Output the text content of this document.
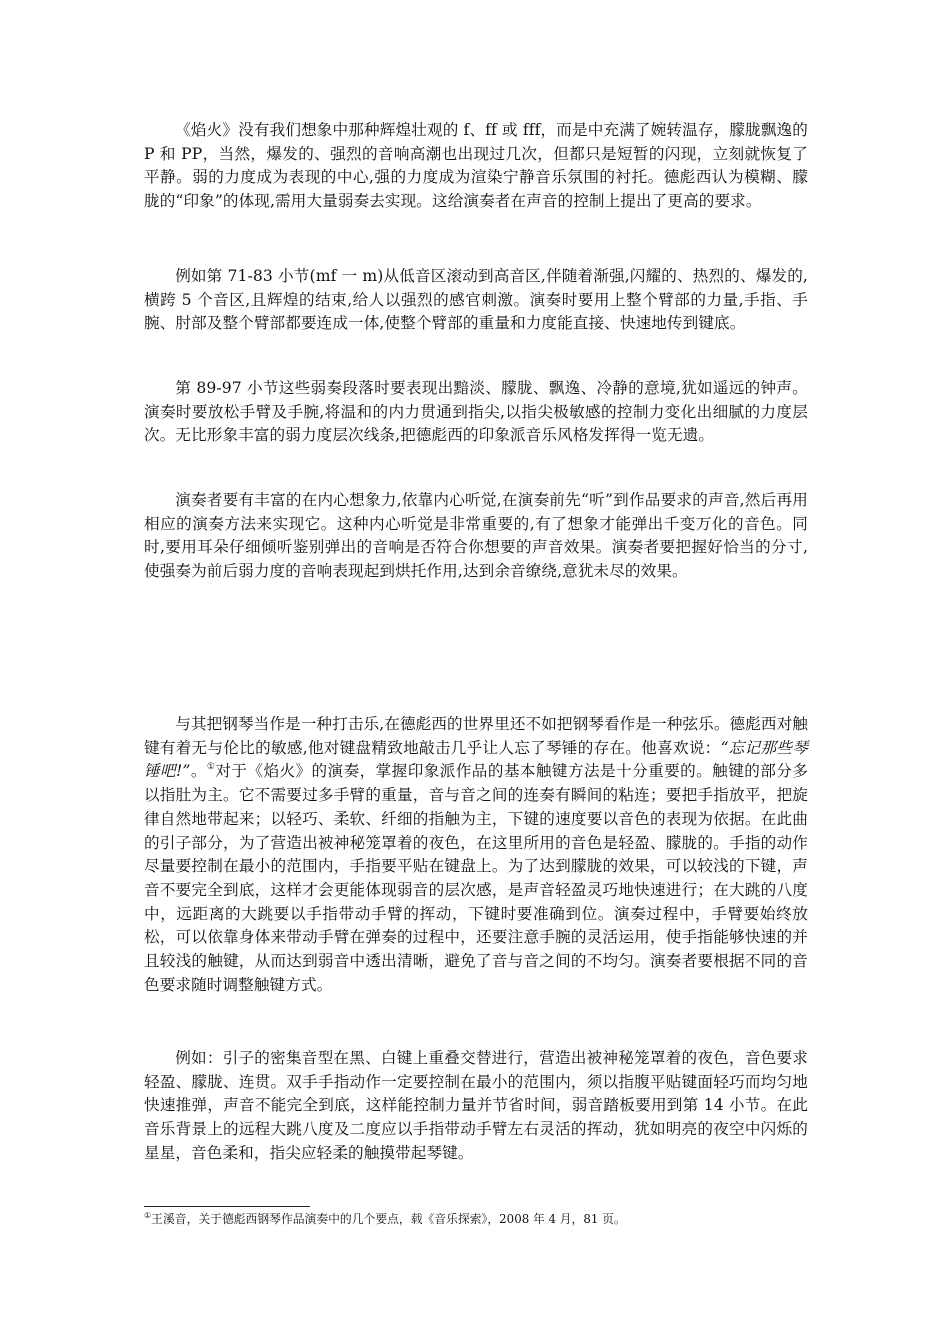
《焰火》没有我们想象中那种辉煌壮观的 f、ff 或 fff，而是中充满了婉转温存，朦胧飘逸的 P 和 PP，当然，爆发的、强烈的音响高潮也出现过几次，但都只是短暂的闪现，立刻就恢复了平静。弱的力度成为表现的中心,强的力度成为渲染宁静音乐氛围的衬托。德彪西认为模糊、朦胧的“印象”的体现,需用大量弱奏去实现。这给演奏者在声音的控制上提出了更高的要求。

例如第 71-83 小节(mf 一 m)从低音区滚动到高音区,伴随着渐强,闪耀的、热烈的、爆发的,横跨 5 个音区,且辉煌的结束,给人以强烈的感官刺激。演奏时要用上整个臂部的力量,手指、手腕、肘部及整个臂部都要连成一体,使整个臂部的重量和力度能直接、快速地传到键底。

第 89-97 小节这些弱奏段落时要表现出黯淡、朦胧、飘逸、冷静的意境,犹如遥远的钟声。演奏时要放松手臂及手腕,将温和的内力贯通到指尖,以指尖极敏感的控制力变化出细腻的力度层次。无比形象丰富的弱力度层次线条,把德彪西的印象派音乐风格发挥得一览无遗。

演奏者要有丰富的在内心想象力,依靠内心听觉,在演奏前先“听”到作品要求的声音,然后再用相应的演奏方法来实现它。这种内心听觉是非常重要的,有了想象才能弹出千变万化的音色。同时,要用耳朵仔细倾听鉴别弹出的音响是否符合你想要的声音效果。演奏者要把握好恰当的分寸,使强奏为前后弱力度的音响表现起到烘托作用,达到余音缭绕,意犹未尽的效果。

与其把钢琴当作是一种打击乐,在德彪西的世界里还不如把钢琴看作是一种弦乐。德彪西对触键有着无与伦比的敏感,他对键盘精致地敲击几乎让人忘了琴锤的存在。他喜欢说：“忘记那些琴锤吧!”。①对于《焰火》的演奏，掌握印象派作品的基本触键方法是十分重要的。触键的部分多以指肚为主。它不需要过多手臂的重量，音与音之间的连奏有瞬间的粘连；要把手指放平，把旋律自然地带起来；以轻巧、柔软、纤细的指触为主，下键的速度要以音色的表现为依据。在此曲的引子部分，为了营造出被神秘笼罩着的夜色，在这里所用的音色是轻盈、朦胧的。手指的动作尽量要控制在最小的范围内，手指要平贴在键盘上。为了达到朦胧的效果，可以较浅的下键，声音不要完全到底，这样才会更能体现弱音的层次感，是声音轻盈灵巧地快速进行；在大跳的八度中，远距离的大跳要以手指带动手臂的挥动，下键时要准确到位。演奏过程中，手臂要始终放松，可以依靠身体来带动手臂在弹奏的过程中，还要注意手腕的灵活运用，使手指能够快速的并且较浅的触键，从而达到弱音中透出清晰，避免了音与音之间的不均匀。演奏者要根据不同的音色要求随时调整触键方式。

例如：引子的密集音型在黑、白键上重叠交替进行，营造出被神秘笼罩着的夜色，音色要求轻盈、朦胧、连贯。双手手指动作一定要控制在最小的范围内，须以指腹平贴键面轻巧而均匀地快速推弹，声音不能完全到底，这样能控制力量并节省时间，弱音踏板要用到第 14 小节。在此音乐背景上的远程大跳八度及二度应以手指带动手臂左右灵活的挥动，犹如明亮的夜空中闪烁的星星，音色柔和，指尖应轻柔的触摸带起琴键。

①王溪音，关于德彪西钢琴作品演奏中的几个要点，载《音乐探索》，2008 年 4 月，81 页。
